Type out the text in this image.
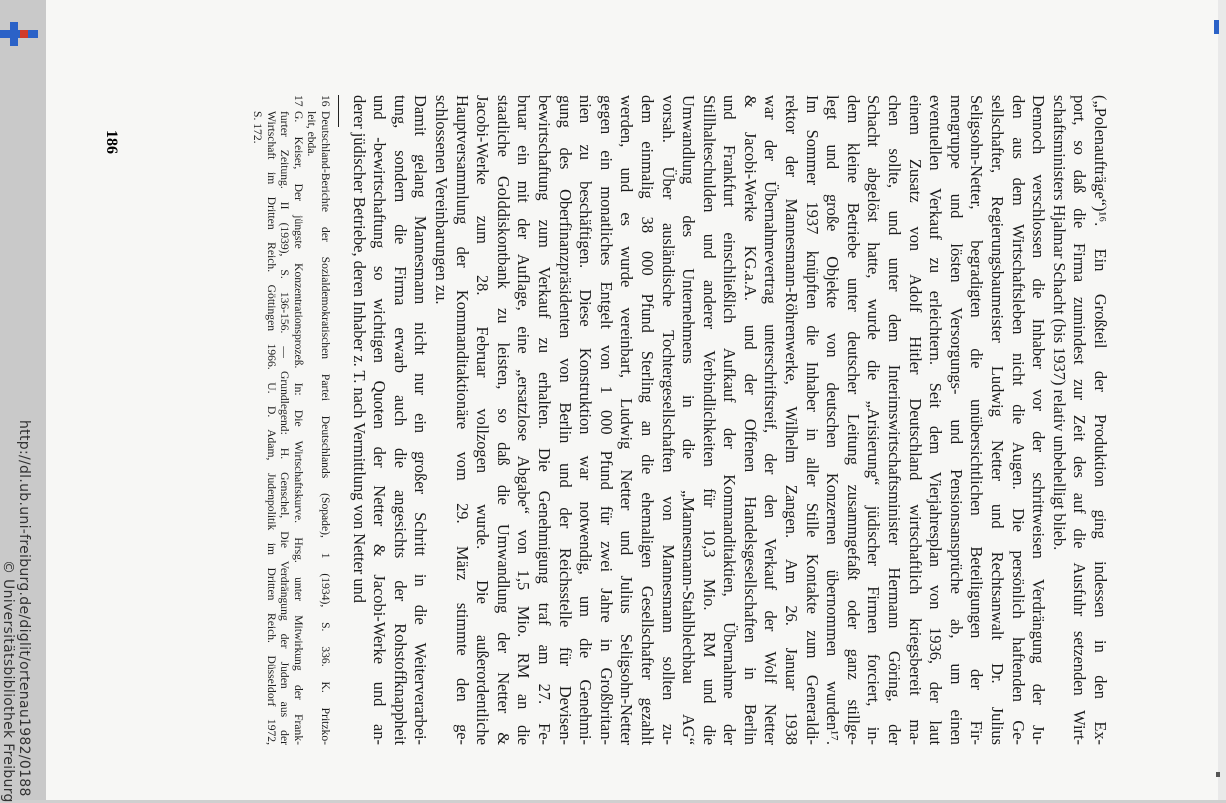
http://dl.ub.uni-freiburg.de/diglit/ortenau1982/0188
© Universitätsbibliothek Freiburg	(„Polenaufträge“)¹⁶. Ein Großteil der Produktion ging indessen in den Ex-
port, so daß die Firma zumindest zur Zeit des auf die Ausfuhr setzenden Wirt-
schaftsministers Hjalmar Schacht (bis 1937) relativ unbehelligt blieb.
Dennoch verschlossen die Inhaber vor der schrittweisen Verdrängung der Ju-
den aus dem Wirtschaftsleben nicht die Augen. Die persönlich haftenden Ge-
sellschafter, Regierungsbaumeister Ludwig Netter und Rechtsanwalt Dr. Julius
Seligsohn-Netter, begradigten die unübersichtlichen Beteiligungen der Fir-
mengruppe und lösten Versorgungs- und Pensionsansprüche ab, um einen
eventuellen Verkauf zu erleichtern. Seit dem Vierjahresplan von 1936, der laut
einem Zusatz von Adolf Hitler Deutschland wirtschaftlich kriegsbereit ma-
chen sollte, und unter dem Interimswirtschaftsminister Hermann Göring, der
Schacht abgelöst hatte, wurde die „Arisierung“ jüdischer Firmen forciert, in-
dem kleine Betriebe unter deutscher Leitung zusammgefaßt oder ganz stillge-
legt und große Objekte von deutschen Konzernen übernommen wurden¹⁷.
Im Sommer 1937 knüpften die Inhaber in aller Stille Kontakte zum Generaldi-
rektor der Mannesmann-Röhrenwerke, Wilhelm Zangen. Am 26. Januar 1938
war der Übernahmevertrag unterschriftsreif, der den Verkauf der Wolf Netter
& Jacobi-Werke KG.a.A. und der Offenen Handelsgesellschaften in Berlin
und Frankfurt einschließlich Aufkauf der Kommanditaktien, Übernahme der
Stillhalteschulden und anderer Verbindlichkeiten für 10,3 Mio. RM und die
Umwandlung des Unternehmens in die „Mannesmann-Stahlblechbau AG“
vorsah. Über ausländische Tochtergesellschaften von Mannesmann sollten zu-
dem einmalig 38 000 Pfund Sterling an die ehemaligen Gesellschafter gezahlt
werden, und es wurde vereinbart, Ludwig Netter und Julius Seligsohn-Netter
gegen ein monatliches Entgelt von 1 000 Pfund für zwei Jahre in Großbritan-
nien zu beschäftigen. Diese Konstruktion war notwendig, um die Genehmi-
gung des Oberfinanzpräsidenten von Berlin und der Reichsstelle für Devisen-
bewirtschaftung zum Verkauf zu erhalten. Die Genehmigung traf am 27. Fe-
bruar ein mit der Auflage, eine „ersatzlose Abgabe“ von 1,5 Mio. RM an die
staatliche Golddiskontbank zu leisten, so daß die Umwandlung der Netter &
Jacobi-Werke zum 28. Februar vollzogen wurde. Die außerordentliche
Hauptversammlung der Kommanditaktionäre vom 29. März stimmte den ge-
schlossenen Vereinbarungen zu.
Damit gelang Mannesmann nicht nur ein großer Schritt in die Weiterverarbei-
tung, sondern die Firma erwarb auch die angesichts der Rohstoffknappheit
und -bewirtschaftung so wichtigen Quoten der Netter & Jacobi-Werke und an-
derer jüdischer Betriebe, deren Inhaber z. T. nach Vermittlung von Netter und
16Deutschland-Berichte der Sozialdemokratischen Partei Deutschlands (Sopade), 1 (1934), S. 336. K. Pritzko-
leit, ebda.
17G. Keiser, Der jüngste Konzentrationsprozeß. In: Die Wirtschaftskurve. Hrsg. unter Mitwirkung der Frank-
furter Zeitung. II (1939), S. 136-156. — Grundlegend: H. Genschel, Die Verdrängung der Juden aus der
Wirtschaft im Dritten Reich. Göttingen 1966. U. D. Adam, Judenpolitik im Dritten Reich. Düsseldorf 1972,
S. 172.
186
